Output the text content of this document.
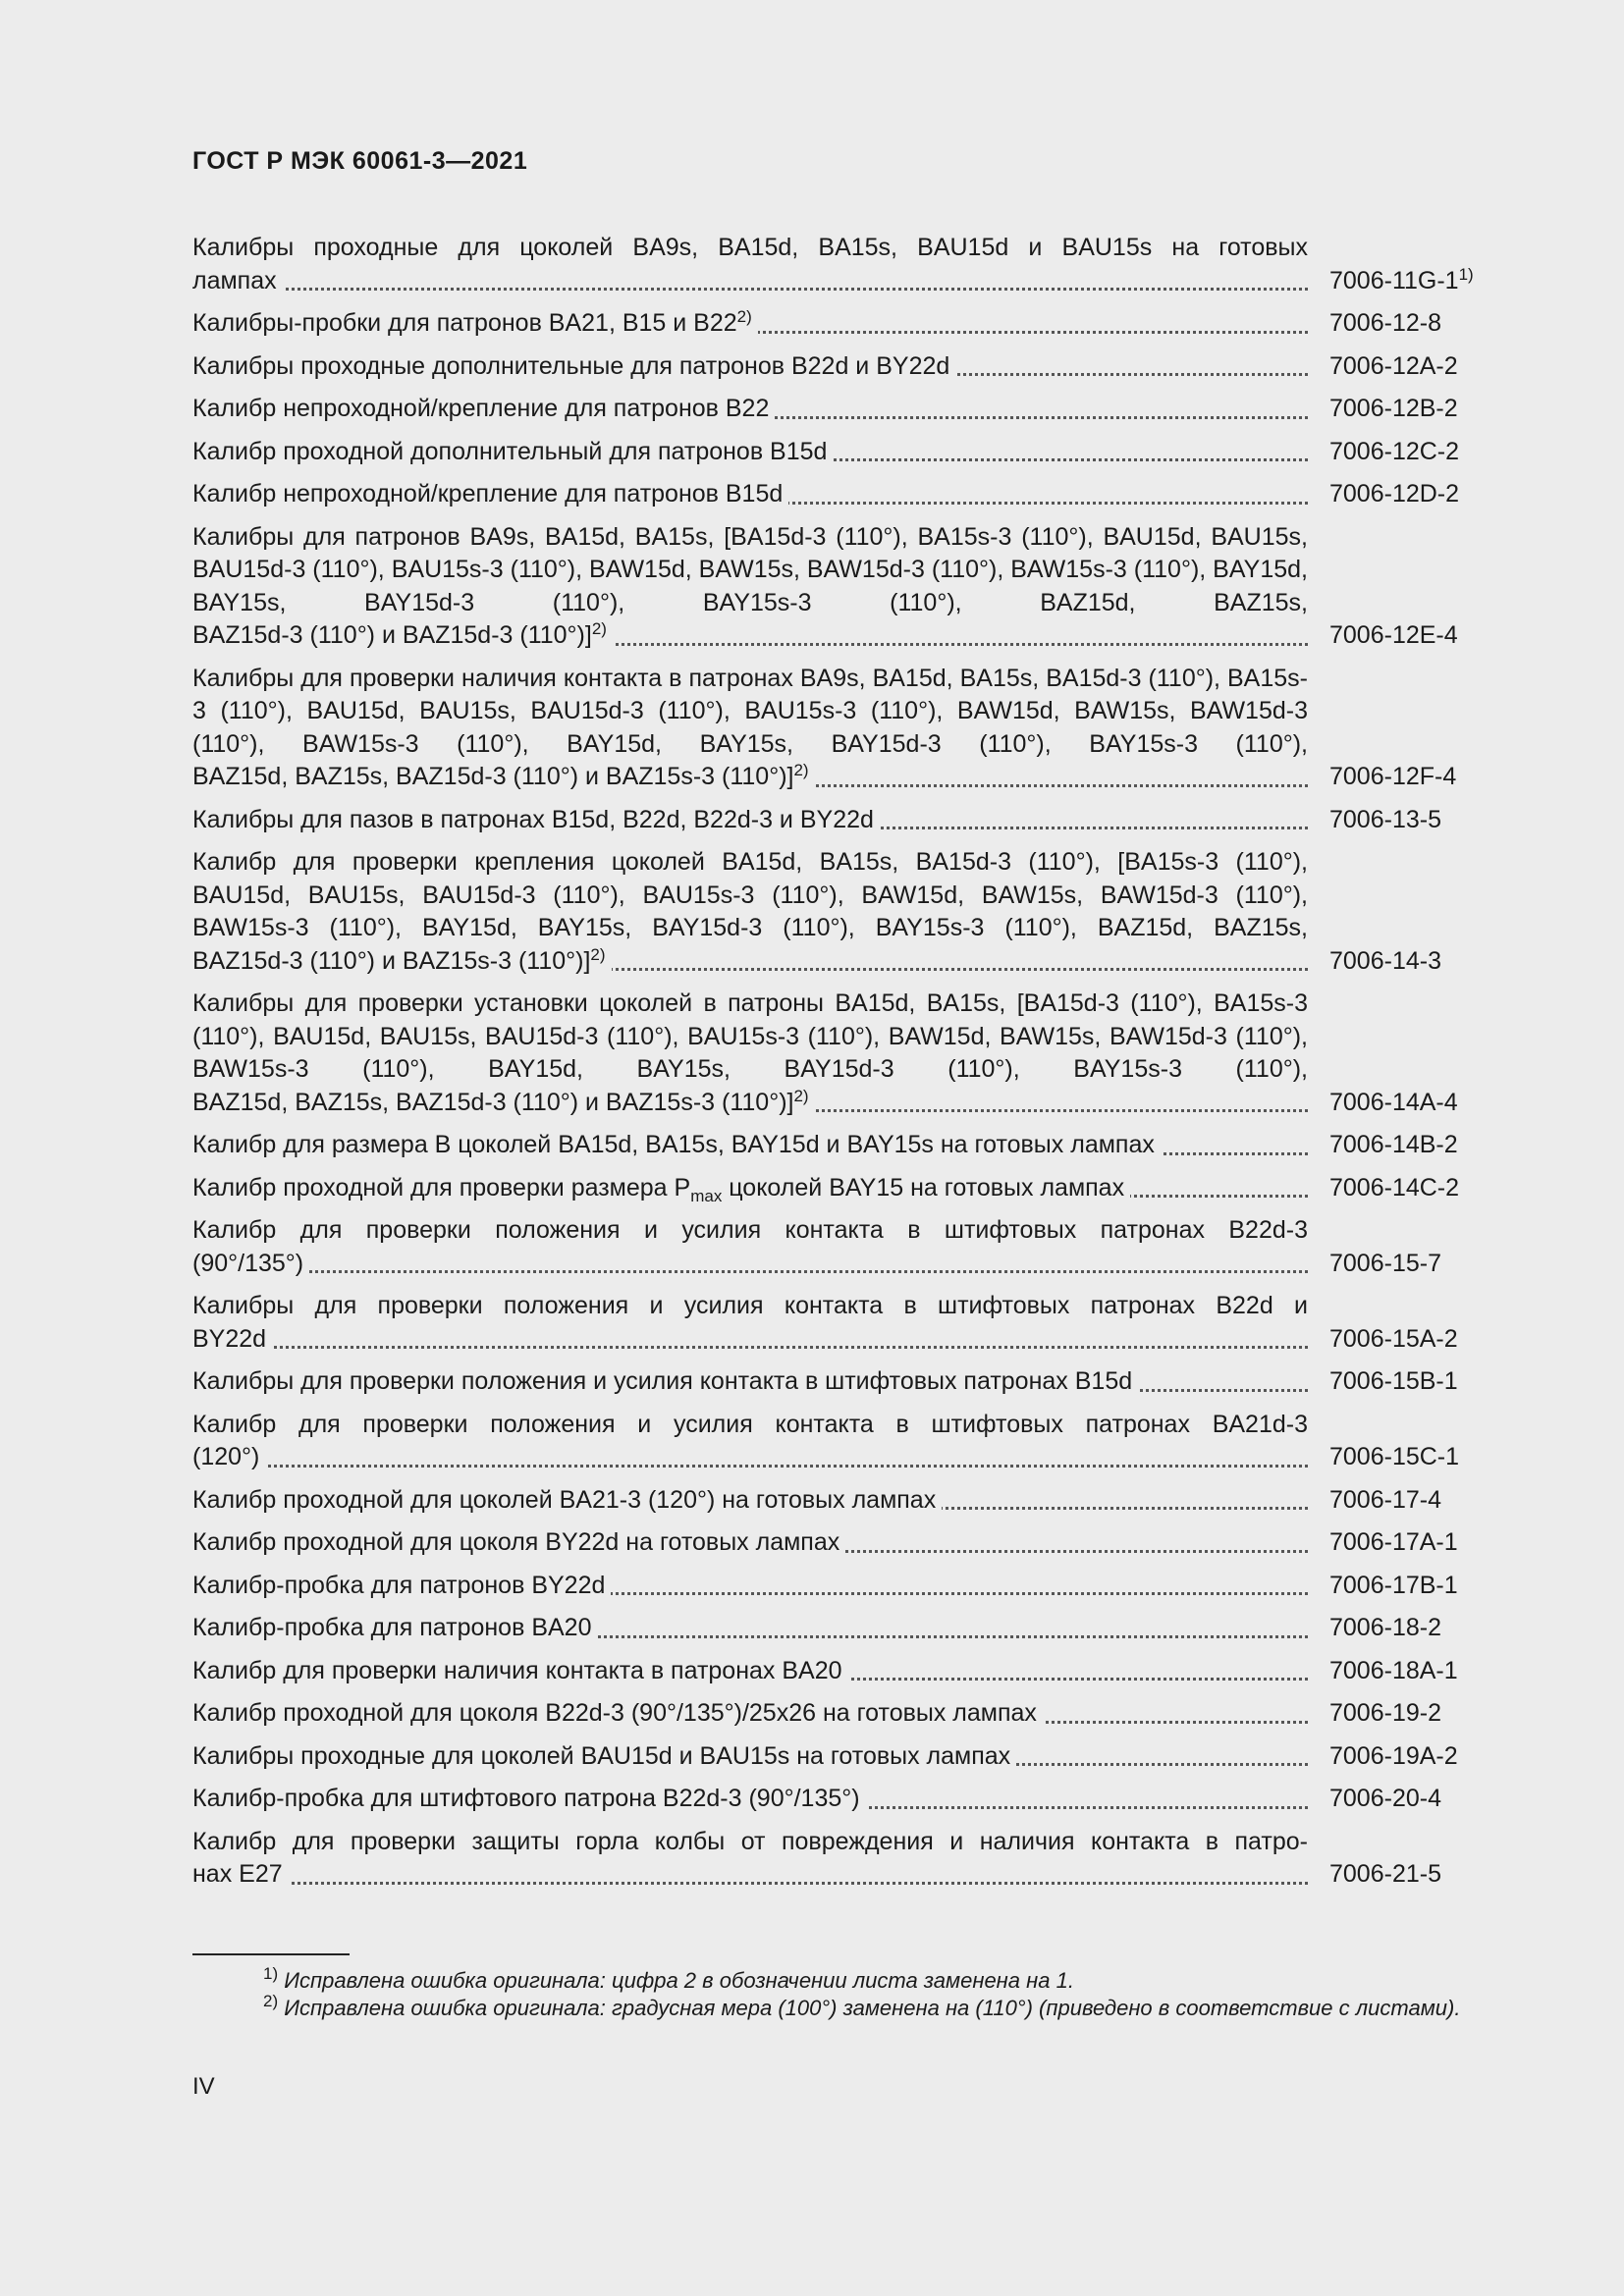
ГОСТ Р МЭК 60061-3—2021
Калибры проходные для цоколей BA9s, BA15d, BA15s, BAU15d и BAU15s на готовых
лампах	7006-11G-1$^{1)}$
Калибры-пробки для патронов BA21, B15 и B22$^{2)}$	7006-12-8
Калибры проходные дополнительные для патронов B22d и BY22d	7006-12A-2
Калибр непроходной/крепление для патронов B22	7006-12B-2
Калибр проходной дополнительный для патронов B15d	7006-12C-2
Калибр непроходной/крепление для патронов B15d	7006-12D-2
Калибры для патронов BA9s, BA15d, BA15s, [BA15d-3 (110°), BA15s-3 (110°), BAU15d, BAU15s, BAU15d-3 (110°), BAU15s-3 (110°), BAW15d, BAW15s, BAW15d-3 (110°), BAW15s-3 (110°), BAY15d, BAY15s, BAY15d-3 (110°), BAY15s-3 (110°), BAZ15d, BAZ15s,
BAZ15d-3 (110°) и BAZ15d-3 (110°)]$^{2)}$	7006-12E-4
Калибры для проверки наличия контакта в патронах BA9s, BA15d, BA15s, BA15d-3 (110°), BA15s-3 (110°), BAU15d, BAU15s, BAU15d-3 (110°), BAU15s-3 (110°), BAW15d, BAW15s, BAW15d-3 (110°), BAW15s-3 (110°), BAY15d, BAY15s, BAY15d-3 (110°), BAY15s-3 (110°),
BAZ15d, BAZ15s, BAZ15d-3 (110°) и BAZ15s-3 (110°)]$^{2)}$	7006-12F-4
Калибры для пазов в патронах B15d, B22d, B22d-3 и BY22d	7006-13-5
Калибр для проверки крепления цоколей BA15d, BA15s, BA15d-3 (110°), [BA15s-3 (110°), BAU15d, BAU15s, BAU15d-3 (110°), BAU15s-3 (110°), BAW15d, BAW15s, BAW15d-3 (110°), BAW15s-3 (110°), BAY15d, BAY15s, BAY15d-3 (110°), BAY15s-3 (110°), BAZ15d, BAZ15s,
BAZ15d-3 (110°) и BAZ15s-3 (110°)]$^{2)}$	7006-14-3
Калибры для проверки установки цоколей в патроны BA15d, BA15s, [BA15d-3 (110°), BA15s-3 (110°), BAU15d, BAU15s, BAU15d-3 (110°), BAU15s-3 (110°), BAW15d, BAW15s, BAW15d-3 (110°), BAW15s-3 (110°), BAY15d, BAY15s, BAY15d-3 (110°), BAY15s-3 (110°),
BAZ15d, BAZ15s, BAZ15d-3 (110°) и BAZ15s-3 (110°)]$^{2)}$	7006-14A-4
Калибр для размера B цоколей BA15d, BA15s, BAY15d и BAY15s на готовых лампах	7006-14B-2
Калибр проходной для проверки размера $P_{max}$ цоколей BAY15 на готовых лампах	7006-14C-2
Калибр для проверки положения и усилия контакта в штифтовых патронах B22d-3
(90°/135°)	7006-15-7
Калибры для проверки положения и усилия контакта в штифтовых патронах B22d и
BY22d	7006-15A-2
Калибры для проверки положения и усилия контакта в штифтовых патронах B15d	7006-15B-1
Калибр для проверки положения и усилия контакта в штифтовых патронах BA21d-3
(120°)	7006-15C-1
Калибр проходной для цоколей BA21-3 (120°) на готовых лампах	7006-17-4
Калибр проходной для цоколя BY22d на готовых лампах	7006-17A-1
Калибр-пробка для патронов BY22d	7006-17B-1
Калибр-пробка для патронов BA20	7006-18-2
Калибр для проверки наличия контакта в патронах BA20	7006-18A-1
Калибр проходной для цоколя B22d-3 (90°/135°)/25x26 на готовых лампах	7006-19-2
Калибры проходные для цоколей BAU15d и BAU15s на готовых лампах	7006-19A-2
Калибр-пробка для штифтового патрона B22d-3 (90°/135°)	7006-20-4
Калибр для проверки защиты горла колбы от повреждения и наличия контакта в патро-
нах E27	7006-21-5
$^{1)}$ Исправлена ошибка оригинала: цифра 2 в обозначении листа заменена на 1.
$^{2)}$ Исправлена ошибка оригинала: градусная мера (100°) заменена на (110°) (приведено в соответствие с листами).
IV
